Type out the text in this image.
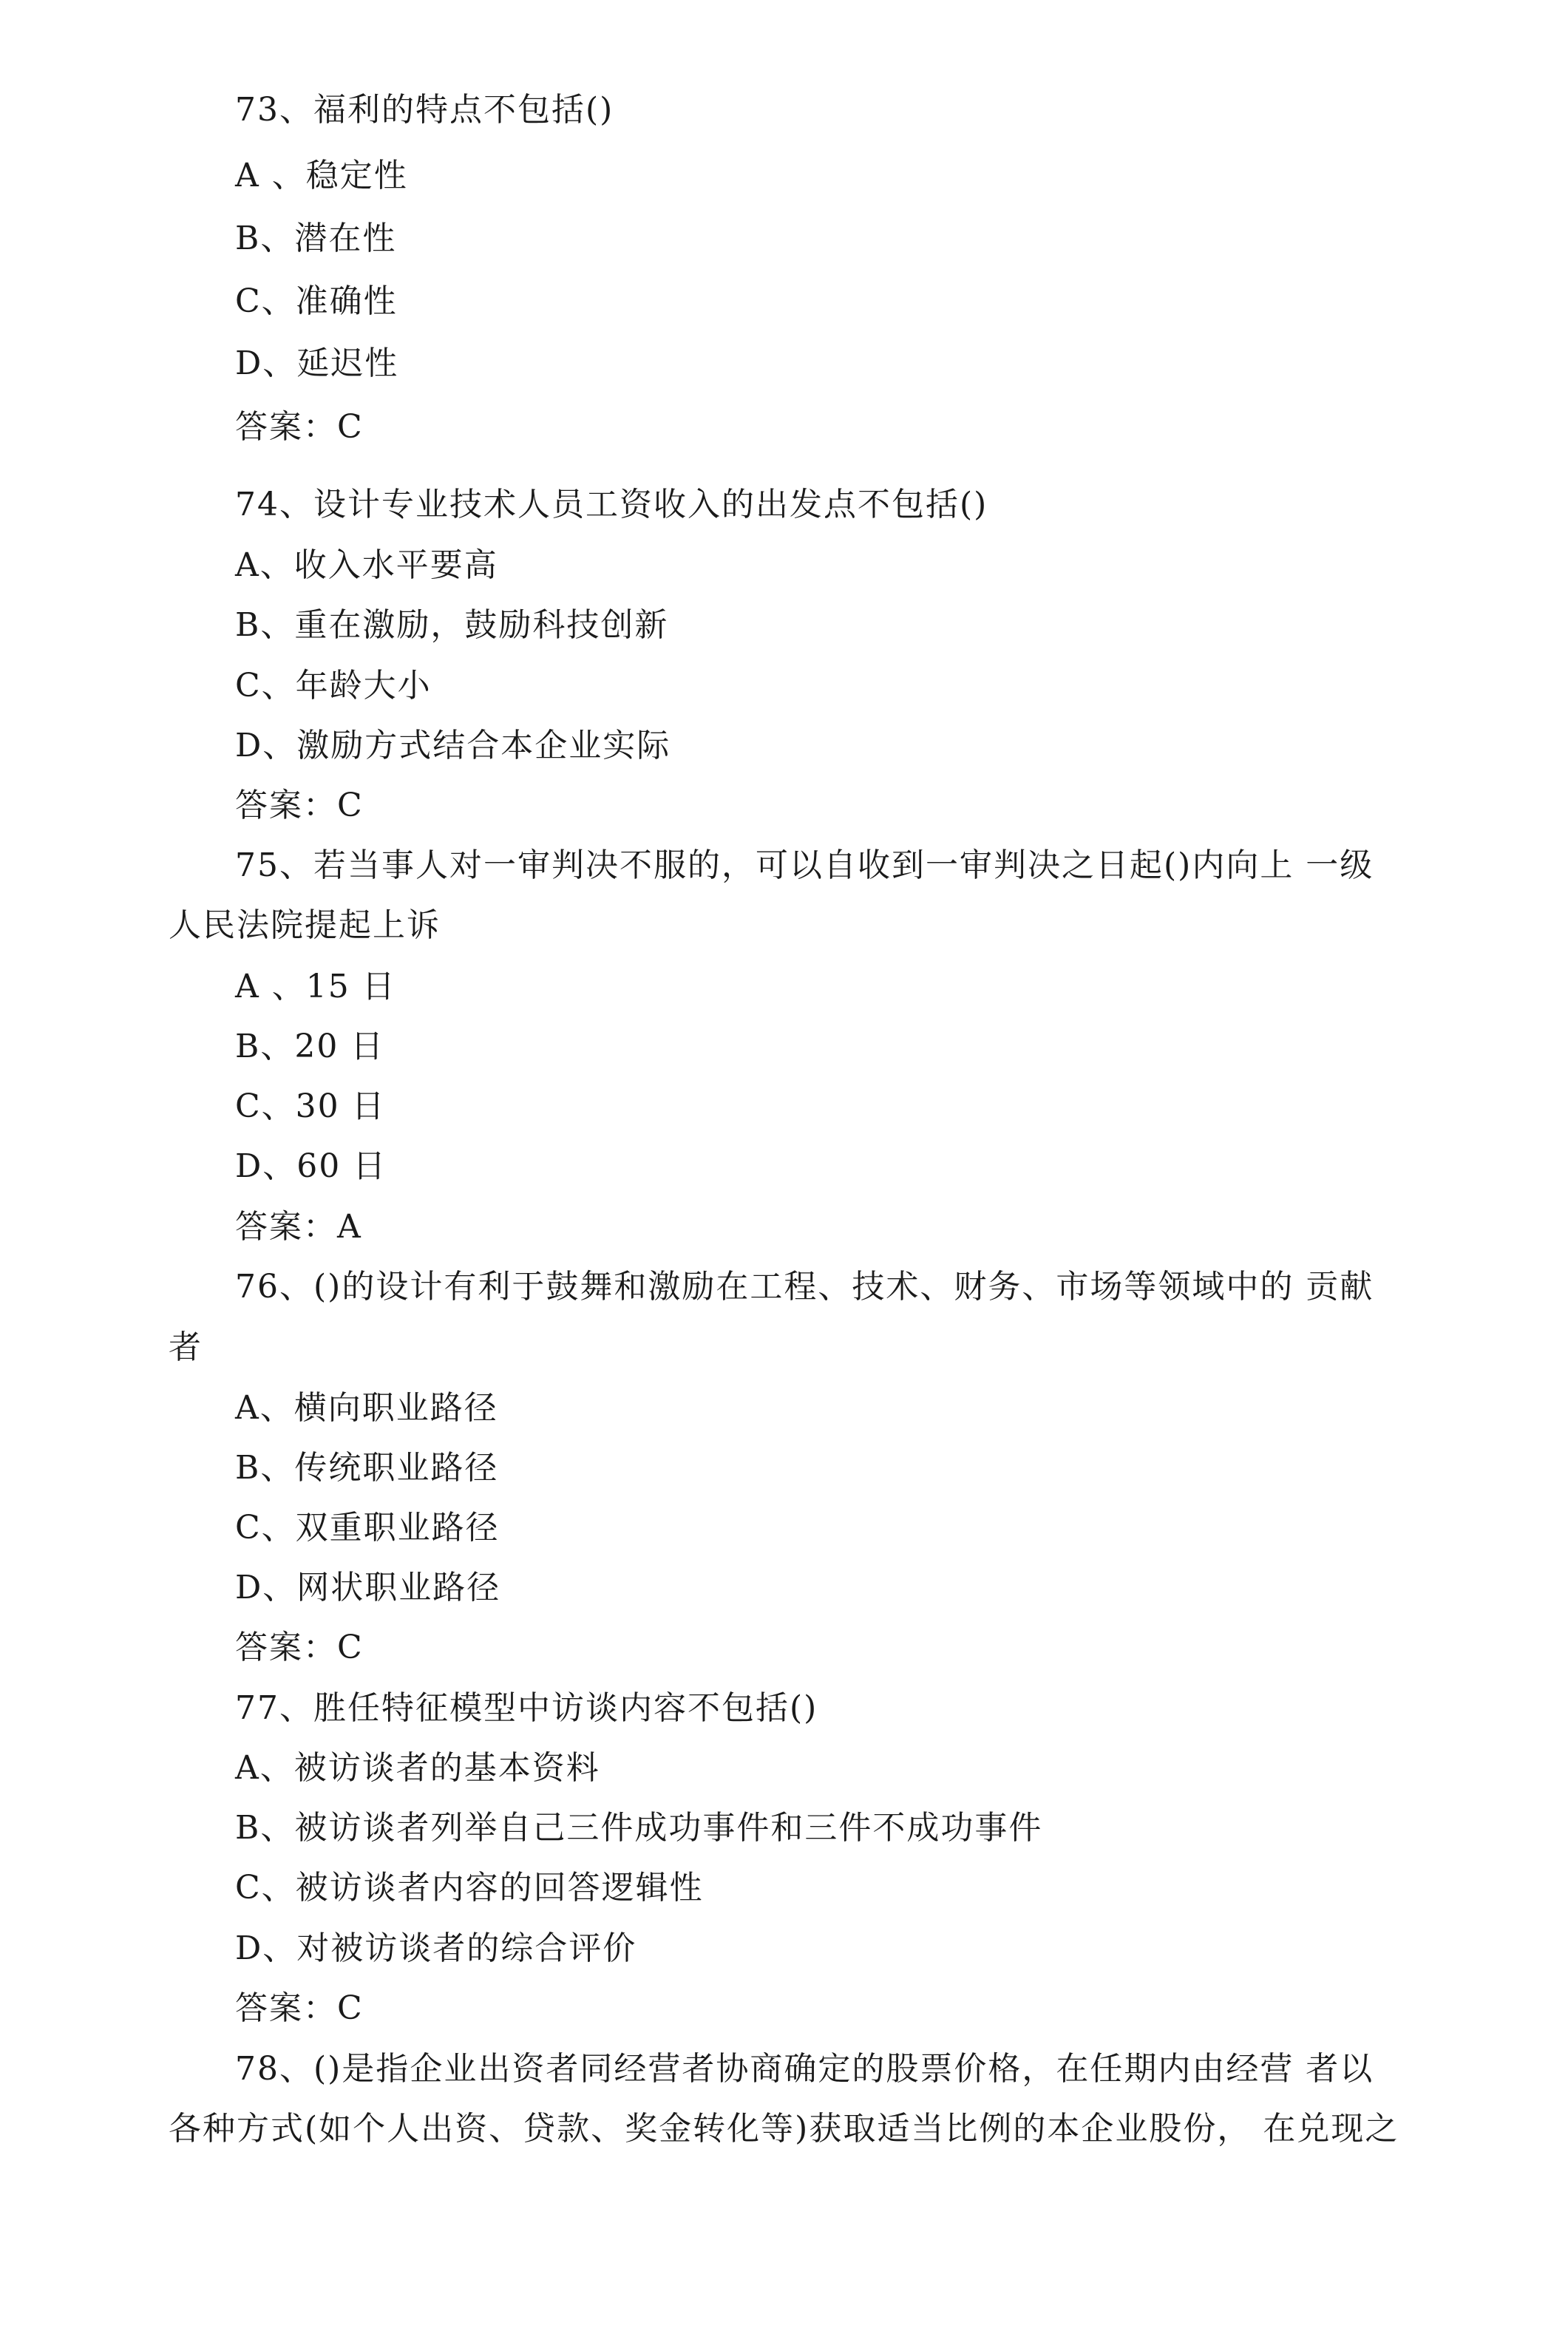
73、福利的特点不包括()
A 、稳定性
B、潜在性
C、准确性
D、延迟性
答案：C
74、设计专业技术人员工资收入的出发点不包括()
A、收入水平要高
B、重在激励，鼓励科技创新
C、年龄大小
D、激励方式结合本企业实际
答案：C
75、若当事人对一审判决不服的，可以自收到一审判决之日起()内向上 一级
人民法院提起上诉
A 、15 日
B、20 日
C、30 日
D、60 日
答案：A
76、()的设计有利于鼓舞和激励在工程、技术、财务、市场等领域中的 贡献
者
A、横向职业路径
B、传统职业路径
C、双重职业路径
D、网状职业路径
答案：C
77、胜任特征模型中访谈内容不包括()
A、被访谈者的基本资料
B、被访谈者列举自己三件成功事件和三件不成功事件
C、被访谈者内容的回答逻辑性
D、对被访谈者的综合评价
答案：C
78、()是指企业出资者同经营者协商确定的股票价格，在任期内由经营 者以
各种方式(如个人出资、贷款、奖金转化等)获取适当比例的本企业股份， 在兑现之
